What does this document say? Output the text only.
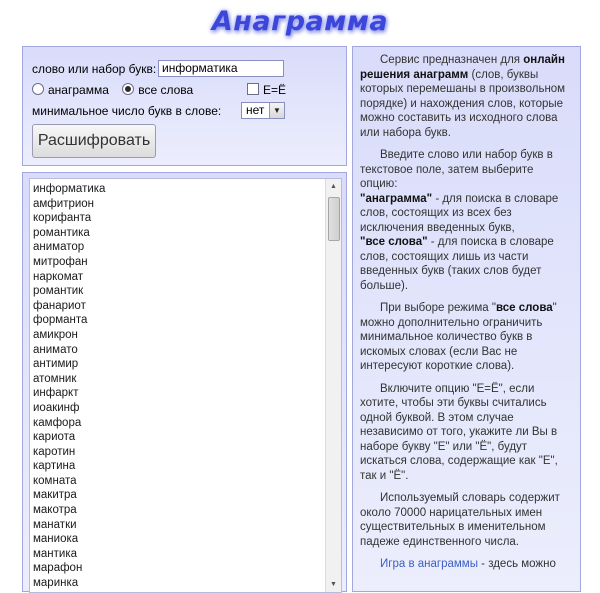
Анаграмма
слово или набор букв: информатика
анаграмма все слова	Е=Ё
минимальное число букв в слове: нет	▼
Расшифровать
информатика
амфитрион
корифанта
романтика
аниматор
митрофан
наркомат
романтик
фанариот
форманта
амикрон
анимато
антимир
атомник
инфаркт
иоакинф
камфора
кариота
каротин
картина
комната
макитра
макотра
манатки
маниока
мантика
марафон
маринка
▲
▼

Сервис предназначен для онлайн решения анаграмм (слов, буквы которых перемешаны в произвольном порядке) и нахождения слов, которые можно составить из исходного слова или набора букв.

Введите слово или набор букв в текстовое поле, затем выберите опцию:

"анаграмма" - для поиска в словаре слов, состоящих из всех без исключения введенных букв,

"все слова" - для поиска в словаре слов, состоящих лишь из части введенных букв (таких слов будет больше).

При выборе режима "все слова" можно дополнительно ограничить минимальное количество букв в искомых словах (если Вас не интересуют короткие слова).

Включите опцию "Е=Ё", если хотите, чтобы эти буквы считались одной буквой. В этом случае независимо от того, укажите ли Вы в наборе букву "Е" или "Ё", будут искаться слова, содержащие как "Е", так и "Ё".

Используемый словарь содержит около 70000 нарицательных имен существительных в именительном падеже единственного числа.

Игра в анаграммы - здесь можно
